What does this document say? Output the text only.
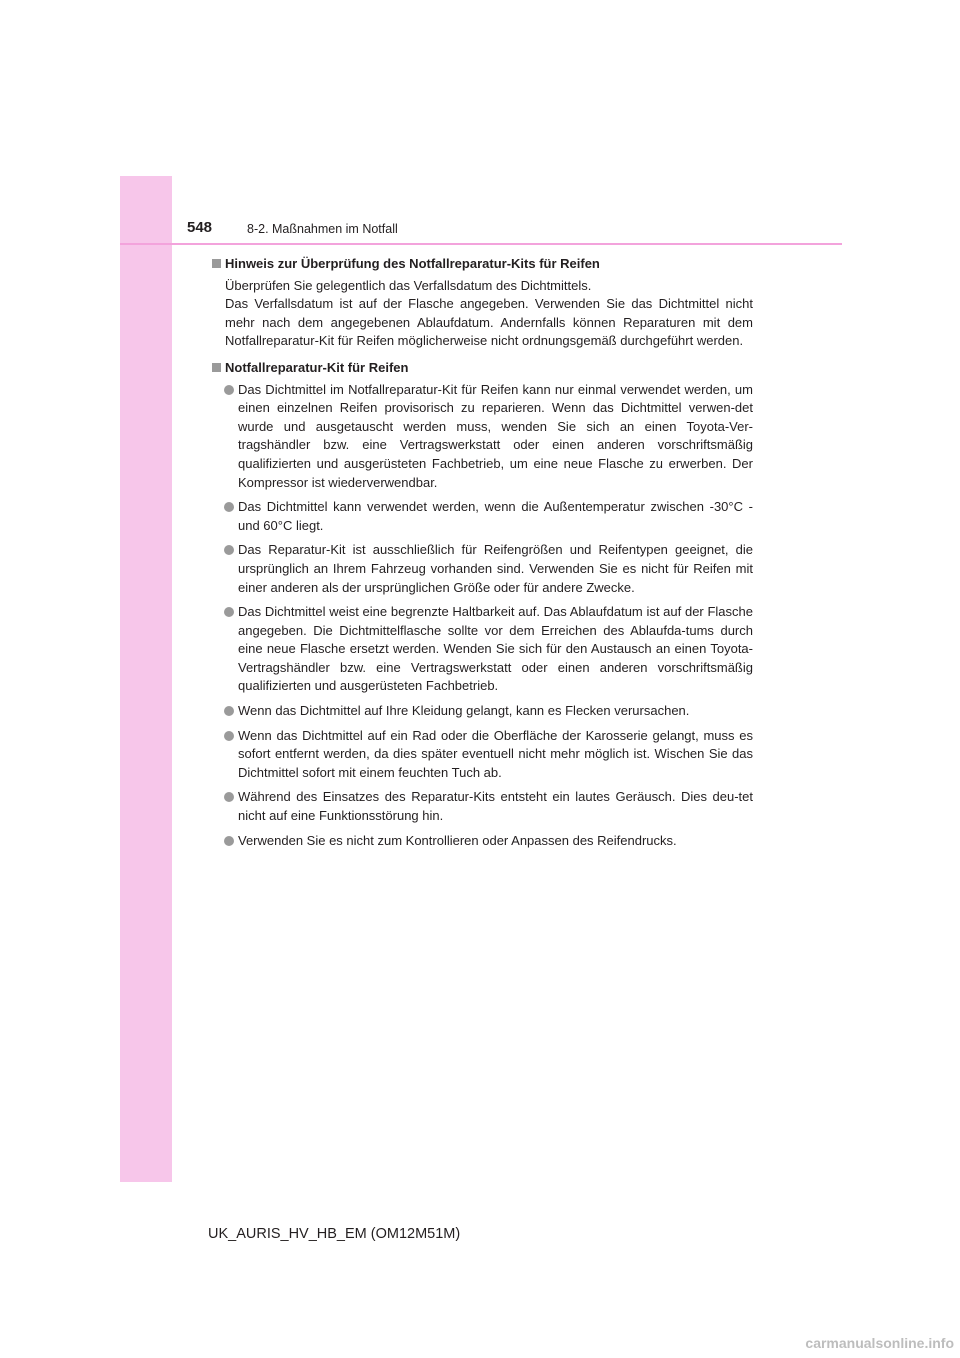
548	8-2. Maßnahmen im Notfall
Hinweis zur Überprüfung des Notfallreparatur-Kits für Reifen
Überprüfen Sie gelegentlich das Verfallsdatum des Dichtmittels.
Das Verfallsdatum ist auf der Flasche angegeben. Verwenden Sie das Dichtmittel nicht mehr nach dem angegebenen Ablaufdatum. Andernfalls können Reparaturen mit dem Notfallreparatur-Kit für Reifen möglicherweise nicht ordnungsgemäß durchgeführt werden.
Notfallreparatur-Kit für Reifen
Das Dichtmittel im Notfallreparatur-Kit für Reifen kann nur einmal verwendet werden, um einen einzelnen Reifen provisorisch zu reparieren. Wenn das Dichtmittel verwen-det wurde und ausgetauscht werden muss, wenden Sie sich an einen Toyota-Ver-tragshändler bzw. eine Vertragswerkstatt oder einen anderen vorschriftsmäßig qualifizierten und ausgerüsteten Fachbetrieb, um eine neue Flasche zu erwerben. Der Kompressor ist wiederverwendbar.
Das Dichtmittel kann verwendet werden, wenn die Außentemperatur zwischen -30°C -und 60°C liegt.
Das Reparatur-Kit ist ausschließlich für Reifengrößen und Reifentypen geeignet, die ursprünglich an Ihrem Fahrzeug vorhanden sind. Verwenden Sie es nicht für Reifen mit einer anderen als der ursprünglichen Größe oder für andere Zwecke.
Das Dichtmittel weist eine begrenzte Haltbarkeit auf. Das Ablaufdatum ist auf der Flasche angegeben. Die Dichtmittelflasche sollte vor dem Erreichen des Ablaufda-tums durch eine neue Flasche ersetzt werden. Wenden Sie sich für den Austausch an einen Toyota-Vertragshändler bzw. eine Vertragswerkstatt oder einen anderen vorschriftsmäßig qualifizierten und ausgerüsteten Fachbetrieb.
Wenn das Dichtmittel auf Ihre Kleidung gelangt, kann es Flecken verursachen.
Wenn das Dichtmittel auf ein Rad oder die Oberfläche der Karosserie gelangt, muss es sofort entfernt werden, da dies später eventuell nicht mehr möglich ist. Wischen Sie das Dichtmittel sofort mit einem feuchten Tuch ab.
Während des Einsatzes des Reparatur-Kits entsteht ein lautes Geräusch. Dies deu-tet nicht auf eine Funktionsstörung hin.
Verwenden Sie es nicht zum Kontrollieren oder Anpassen des Reifendrucks.
UK_AURIS_HV_HB_EM (OM12M51M)
carmanualsonline.info
